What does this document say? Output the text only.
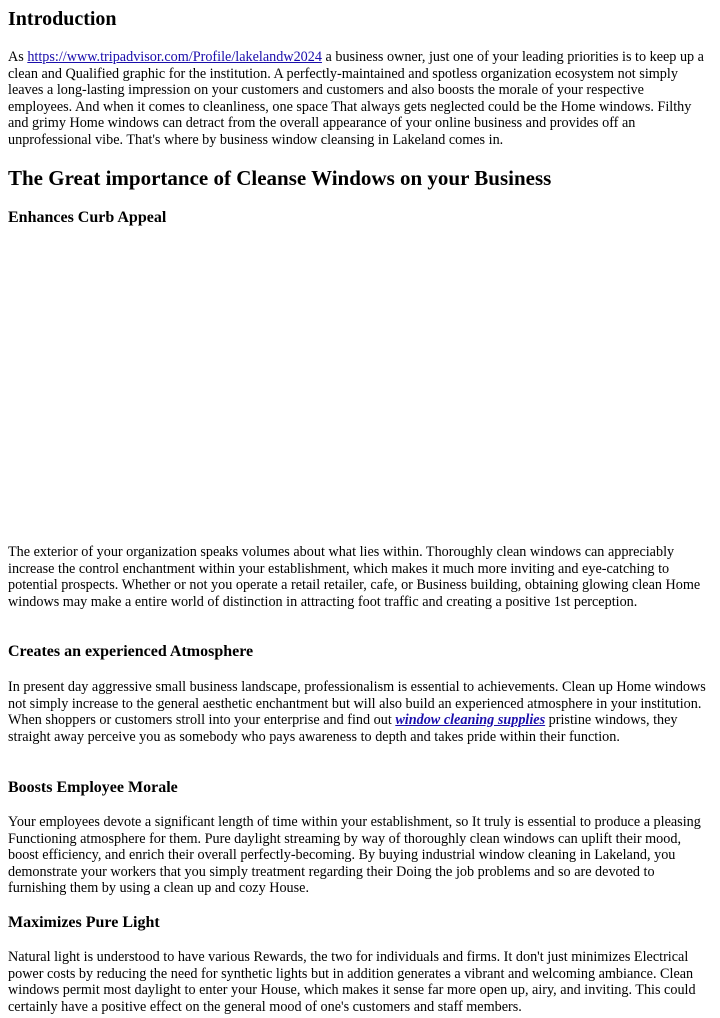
Introduction

As https://www.tripadvisor.com/Profile/lakelandw2024 a business owner, just one of your leading priorities is to keep up a clean and Qualified graphic for the institution. A perfectly-maintained and spotless organization ecosystem not simply leaves a long-lasting impression on your customers and customers and also boosts the morale of your respective employees. And when it comes to cleanliness, one space That always gets neglected could be the Home windows. Filthy and grimy Home windows can detract from the overall appearance of your online business and provides off an unprofessional vibe. That's where by business window cleansing in Lakeland comes in.

The Great importance of Cleanse Windows on your Business
Enhances Curb Appeal

The exterior of your organization speaks volumes about what lies within. Thoroughly clean windows can appreciably increase the control enchantment within your establishment, which makes it much more inviting and eye-catching to potential prospects. Whether or not you operate a retail retailer, cafe, or Business building, obtaining glowing clean Home windows may make a entire world of distinction in attracting foot traffic and creating a positive 1st perception.

Creates an experienced Atmosphere

In present day aggressive small business landscape, professionalism is essential to achievements. Clean up Home windows not simply increase to the general aesthetic enchantment but will also build an experienced atmosphere in your institution. When shoppers or customers stroll into your enterprise and find out window cleaning supplies pristine windows, they straight away perceive you as somebody who pays awareness to depth and takes pride within their function.

Boosts Employee Morale

Your employees devote a significant length of time within your establishment, so It truly is essential to produce a pleasing Functioning atmosphere for them. Pure daylight streaming by way of thoroughly clean windows can uplift their mood, boost efficiency, and enrich their overall perfectly-becoming. By buying industrial window cleaning in Lakeland, you demonstrate your workers that you simply treatment regarding their Doing the job problems and so are devoted to furnishing them by using a clean up and cozy House.

Maximizes Pure Light

Natural light is understood to have various Rewards, the two for individuals and firms. It don't just minimizes Electrical power costs by reducing the need for synthetic lights but in addition generates a vibrant and welcoming ambiance. Clean windows permit most daylight to enter your House, which makes it sense far more open up, airy, and inviting. This could certainly have a positive effect on the general mood of one's customers and staff members.
